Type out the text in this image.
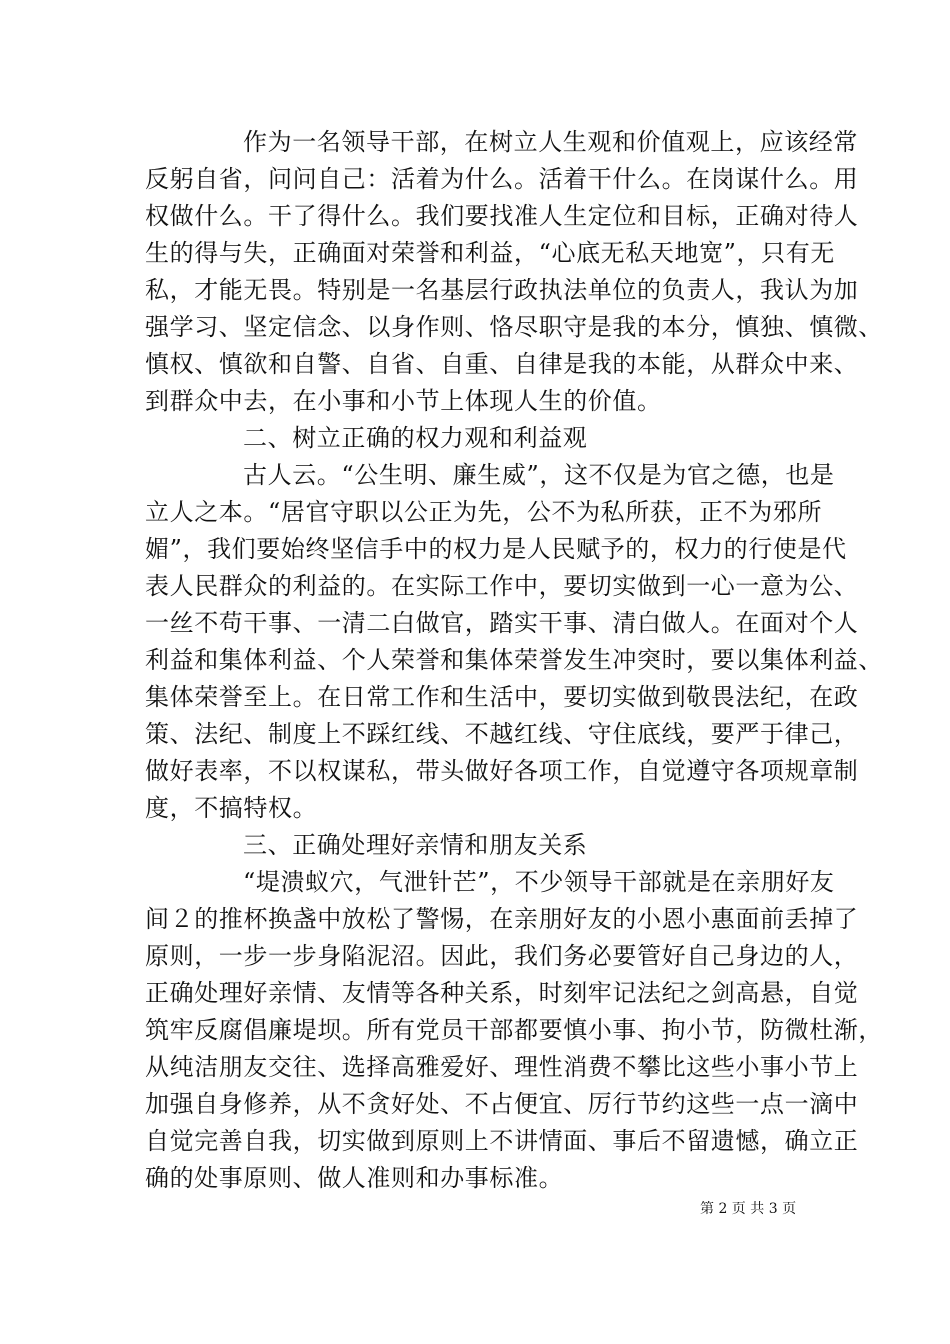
作为一名领导干部，在树立人生观和价值观上，应该经常
反躬自省，问问自己：活着为什么。活着干什么。在岗谋什么。用
权做什么。干了得什么。我们要找准人生定位和目标，正确对待人
生的得与失，正确面对荣誉和利益，“心底无私天地宽”，只有无
私，才能无畏。特别是一名基层行政执法单位的负责人，我认为加
强学习、坚定信念、以身作则、恪尽职守是我的本分，慎独、慎微、
慎权、慎欲和自警、自省、自重、自律是我的本能，从群众中来、
到群众中去，在小事和小节上体现人生的价值。
二、树立正确的权力观和利益观
古人云。“公生明、廉生威”，这不仅是为官之德，也是
立人之本。“居官守职以公正为先，公不为私所获，正不为邪所
媚”，我们要始终坚信手中的权力是人民赋予的，权力的行使是代
表人民群众的利益的。在实际工作中，要切实做到一心一意为公、
一丝不苟干事、一清二白做官，踏实干事、清白做人。在面对个人
利益和集体利益、个人荣誉和集体荣誉发生冲突时，要以集体利益、
集体荣誉至上。在日常工作和生活中，要切实做到敬畏法纪，在政
策、法纪、制度上不踩红线、不越红线、守住底线，要严于律己，
做好表率，不以权谋私，带头做好各项工作，自觉遵守各项规章制
度，不搞特权。
三、正确处理好亲情和朋友关系
“堤溃蚁穴，气泄针芒”，不少领导干部就是在亲朋好友
间２的推杯换盏中放松了警惕，在亲朋好友的小恩小惠面前丢掉了
原则，一步一步身陷泥沼。因此，我们务必要管好自己身边的人，
正确处理好亲情、友情等各种关系，时刻牢记法纪之剑高悬，自觉
筑牢反腐倡廉堤坝。所有党员干部都要慎小事、拘小节，防微杜渐，
从纯洁朋友交往、选择高雅爱好、理性消费不攀比这些小事小节上
加强自身修养，从不贪好处、不占便宜、厉行节约这些一点一滴中
自觉完善自我，切实做到原则上不讲情面、事后不留遗憾，确立正
确的处事原则、做人准则和办事标准。
第 2 页 共 3 页
